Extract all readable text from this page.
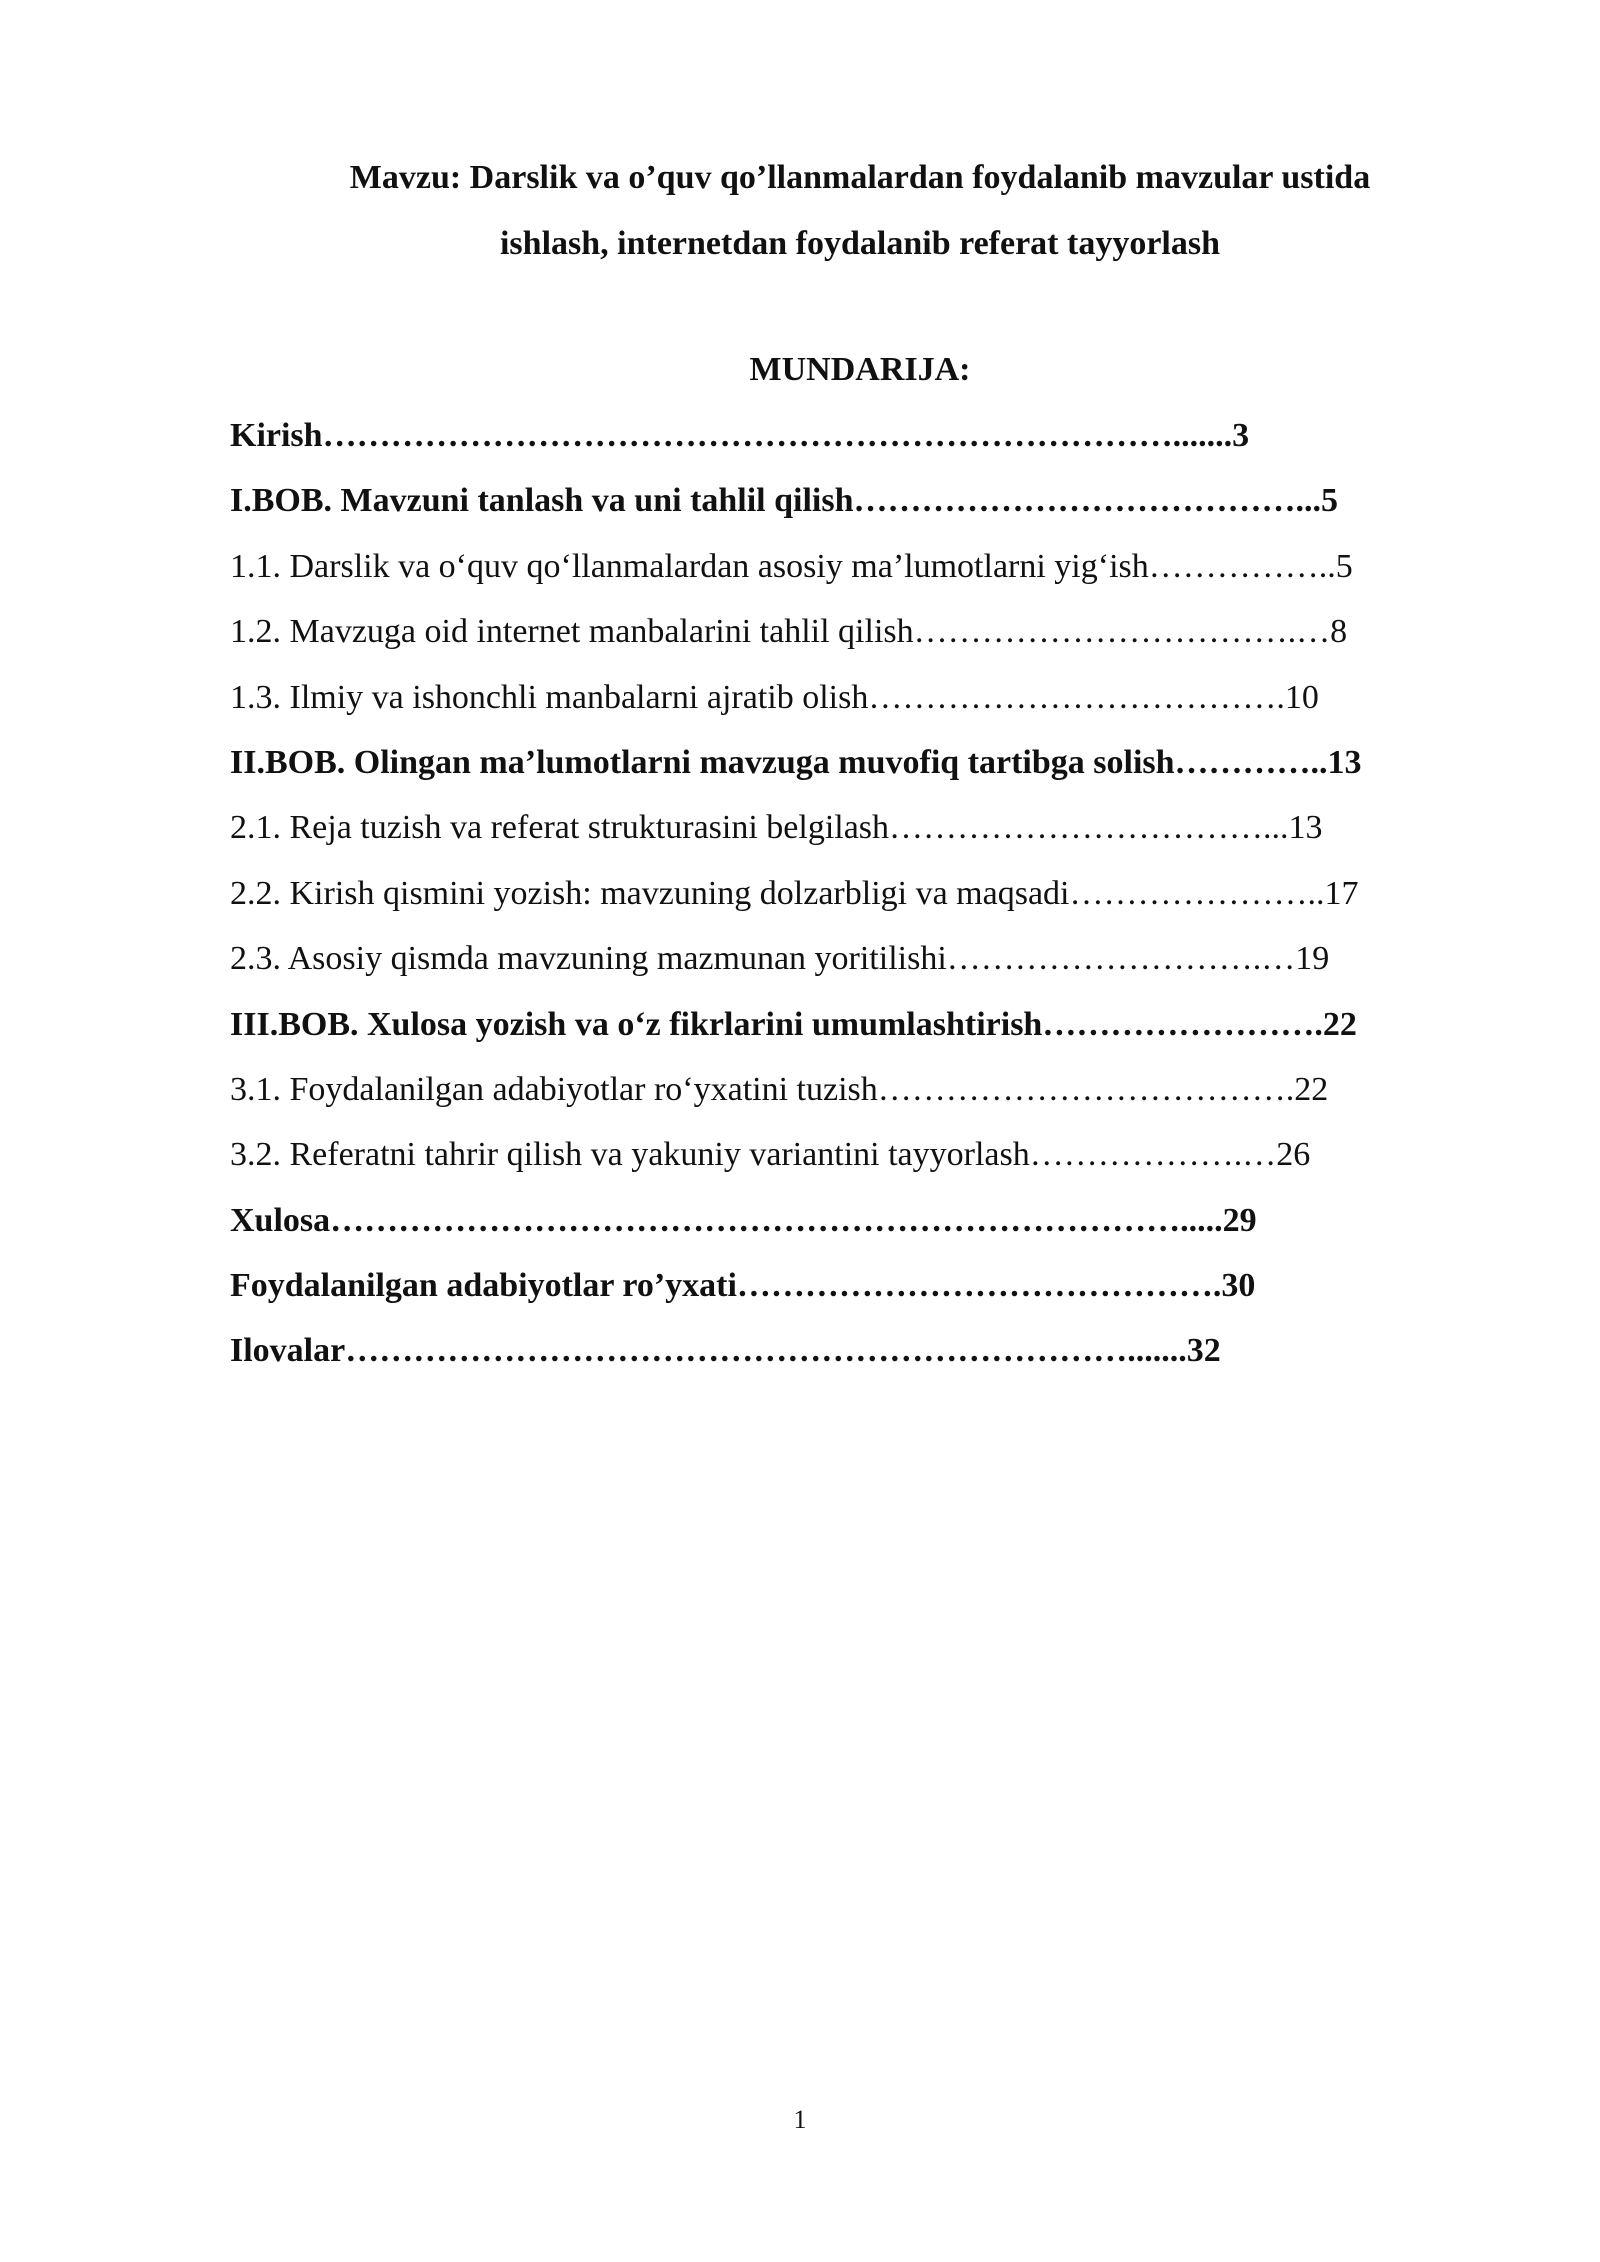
Mavzu: Darslik va o’quv qo’llanmalardan foydalanib mavzular ustida
ishlash, internetdan foydalanib referat tayyorlash
MUNDARIJA:
Kirish………………………………………………………………….......3
I.BOB. Mavzuni tanlash va uni tahlil qilish…………………………………...5
1.1. Darslik va o‘quv qo‘llanmalardan asosiy ma’lumotlarni yig‘ish……………..5
1.2. Mavzuga oid internet manbalarini tahlil qilish…………………………….…8
1.3. Ilmiy va ishonchli manbalarni ajratib olish……………………………….10
II.BOB. Olingan ma’lumotlarni mavzuga muvofiq tartibga solish…………..13
2.1. Reja tuzish va referat strukturasini belgilash……………………………...13
2.2. Kirish qismini yozish: mavzuning dolzarbligi va maqsadi…………………..17
2.3. Asosiy qismda mavzuning mazmunan yoritilishi……………………….…19
III.BOB. Xulosa yozish va o‘z fikrlarini umumlashtirish…………………….22
3.1. Foydalanilgan adabiyotlar ro‘yxatini tuzish……………………………….22
3.2. Referatni tahrir qilish va yakuniy variantini tayyorlash……………….…26
Xulosa………………………………………………………………….....29
Foydalanilgan adabiyotlar ro’yxati…………………………………….30
Ilovalar…………………………………………………………….......32
1
